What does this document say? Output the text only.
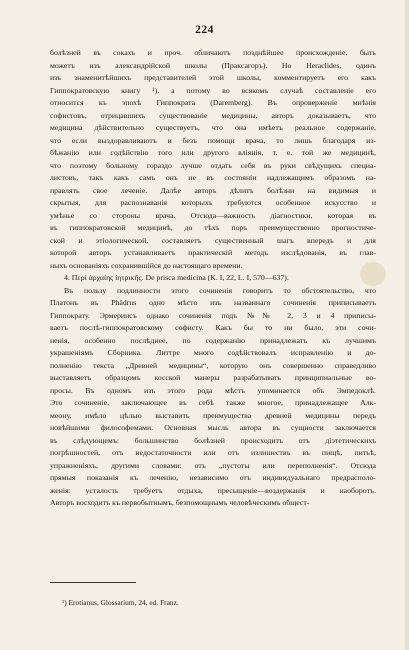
224
болѣзней въ сокахъ и проч. обличаютъ позднѣйшее происхожденіе, быть
можетъ изъ александрійской школы (Пракcагоръ). Но Heraclides, одинъ
изъ знаменитѣйшихъ представителей этой школы, комментируетъ его какъ
Гиппократовскую книгу ¹), а потому во всякомъ случаѣ составленіе его
относится къ эпохѣ Гиппократа (Daremberg). Въ опроверженіе мнѣнія
софистовъ, отрицавшихъ существованіе медицины, авторъ доказываетъ, что
медицина дѣйствительно существуетъ, что она имѣетъ реальное содержаніе,
что если выздоравливаютъ и безъ помощи врача, то лишь благодаря из-
бѣжанію или содѣйствію того или другого вліянія, т. е. той же медицинѣ,
что поэтому больному гораздо лучше отдать себя въ руки свѣдущихъ специа-
листовъ, такъ какъ самъ онъ не въ состояніи надлежащимъ образомъ на-
правлять свое леченіе. Далѣе авторъ дѣлитъ болѣзни на видимыя и
скрытыя, для распознаванія которыхъ требуются особенное искусство и
умѣнье со стороны врача. Отсюда—важность діагностики, которая въ
въ гиппократовской медицинѣ, до тѣхъ поръ преимущественно прогностиче-
ской и этіологической, составляетъ существенный шагъ впередъ и для
которой авторъ устанавливаетъ практическій методъ изслѣдованія, въ глав-
ныхъ основаніяхъ сохранившійся до настоящаго времени.
4. Περὶ ἀρχαίης ἰητρικῆς. De prisca medicina (K. I, 22, L. I, 570—637).
Въ пользу подлинности этого сочиненія говоритъ то обстоятельство, что
Платонъ въ Phädrus одно мѣсто изъ названнаго сочиненія приписываетъ
Гиппократу. Эрмеринсъ однако сочиненія подъ №№ 2, 3 и 4 приписы-
ваетъ послѣ-гиппократовскому софисту. Какъ бы то ни было, эти сочи-
ненія, особенно послѣднее, по содержанію принадлежатъ къ лучшимъ
украшеніямъ Сборника. Литтре много содѣйствовалъ исправленію и до-
полненію текста „Древней медицины“, которую онъ совершенно справедливо
выставляетъ образцомъ косской манеры разрабатывать принципиальные во-
просы. Въ одномъ изъ этого рода мѣстъ упоминается объ Эмпедоклѣ.
Это сочиненіе, заключающее въ себѣ также многое, принадлежащее Алк-
меону, имѣло цѣлью выставить преимущества древней медицины передъ
новѣйшими философемами. Основная мысль автора въ сущности заключается
въ слѣдующемъ: большинство болѣзней происходитъ отъ діэтетическихъ
погрѣшностей, отъ недостаточности или отъ излишествъ въ пищѣ, питьѣ,
упражненіяхъ, другими словами: отъ „пустоты или переполненія“. Отсюда
прямыя показанія къ леченію, независимо отъ индивидуальнаго предрасполо-
женія: усталость требуетъ отдыха, пресыщеніе—воздержанія и наоборотъ.
Авторъ восходитъ къ первобытнымъ, безпомощнымъ человѣческимъ общест-
¹) Erotianus, Glossarium, 24, ed. Franz.
